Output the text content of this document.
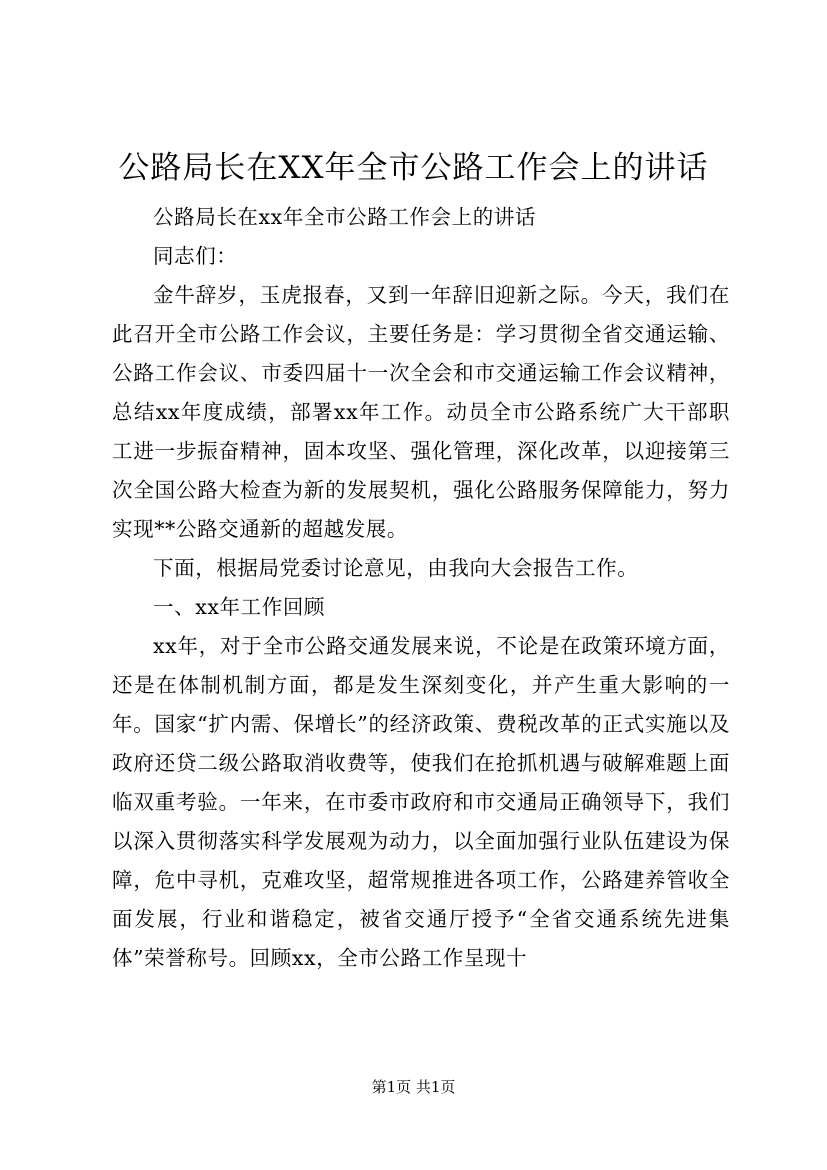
公路局长在XX年全市公路工作会上的讲话

公路局长在xx年全市公路工作会上的讲话

同志们：

金牛辞岁，玉虎报春，又到一年辞旧迎新之际。今天，我们在此召开全市公路工作会议，主要任务是：学习贯彻全省交通运输、公路工作会议、市委四届十一次全会和市交通运输工作会议精神，总结xx年度成绩，部署xx年工作。动员全市公路系统广大干部职工进一步振奋精神，固本攻坚、强化管理，深化改革，以迎接第三次全国公路大检查为新的发展契机，强化公路服务保障能力，努力实现**公路交通新的超越发展。

下面，根据局党委讨论意见，由我向大会报告工作。

一、xx年工作回顾

xx年，对于全市公路交通发展来说，不论是在政策环境方面，还是在体制机制方面，都是发生深刻变化，并产生重大影响的一年。国家“扩内需、保增长”的经济政策、费税改革的正式实施以及政府还贷二级公路取消收费等，使我们在抢抓机遇与破解难题上面临双重考验。一年来，在市委市政府和市交通局正确领导下，我们以深入贯彻落实科学发展观为动力，以全面加强行业队伍建设为保障，危中寻机，克难攻坚，超常规推进各项工作，公路建养管收全面发展，行业和谐稳定，被省交通厅授予“全省交通系统先进集体”荣誉称号。回顾xx，全市公路工作呈现十

第1页 共1页
